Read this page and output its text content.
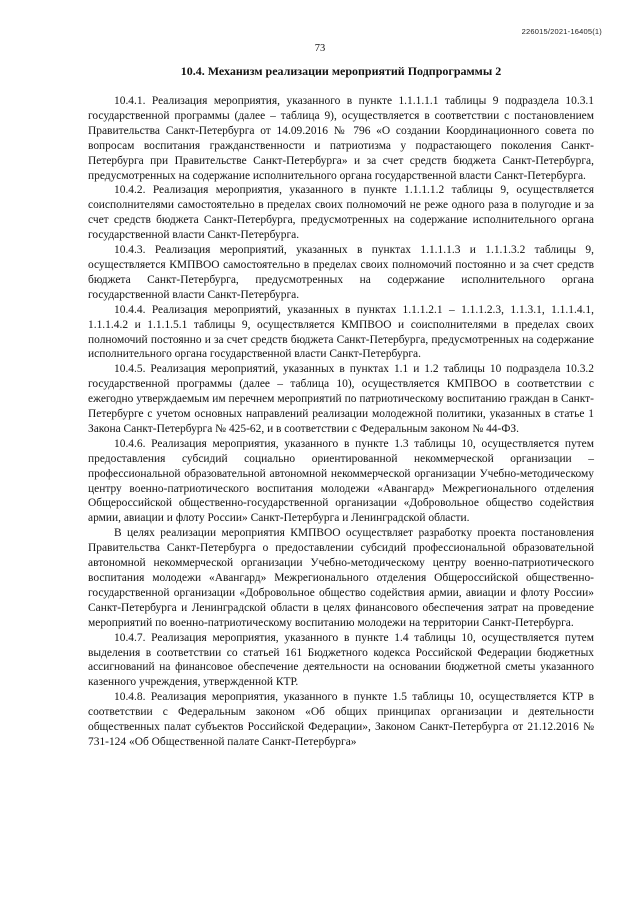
226015/2021-16405(1)
73
10.4. Механизм реализации мероприятий Подпрограммы 2

10.4.1. Реализация мероприятия, указанного в пункте 1.1.1.1.1 таблицы 9 подраздела 10.3.1 государственной программы (далее – таблица 9), осуществляется в соответствии с постановлением Правительства Санкт-Петербурга от 14.09.2016 № 796 «О создании Координационного совета по вопросам воспитания гражданственности и патриотизма у подрастающего поколения Санкт-Петербурга при Правительстве Санкт-Петербурга» и за счет средств бюджета Санкт-Петербурга, предусмотренных на содержание исполнительного органа государственной власти Санкт-Петербурга.

10.4.2. Реализация мероприятия, указанного в пункте 1.1.1.1.2 таблицы 9, осуществляется соисполнителями самостоятельно в пределах своих полномочий не реже одного раза в полугодие и за счет средств бюджета Санкт-Петербурга, предусмотренных на содержание исполнительного органа государственной власти Санкт-Петербурга.

10.4.3. Реализация мероприятий, указанных в пунктах 1.1.1.1.3 и 1.1.1.3.2 таблицы 9, осуществляется КМПВОО самостоятельно в пределах своих полномочий постоянно и за счет средств бюджета Санкт-Петербурга, предусмотренных на содержание исполнительного органа государственной власти Санкт-Петербурга.

10.4.4. Реализация мероприятий, указанных в пунктах 1.1.1.2.1 – 1.1.1.2.3, 1.1.3.1, 1.1.1.4.1, 1.1.1.4.2 и 1.1.1.5.1 таблицы 9, осуществляется КМПВОО и соисполнителями в пределах своих полномочий постоянно и за счет средств бюджета Санкт-Петербурга, предусмотренных на содержание исполнительного органа государственной власти Санкт-Петербурга.

10.4.5. Реализация мероприятий, указанных в пунктах 1.1 и 1.2 таблицы 10 подраздела 10.3.2 государственной программы (далее – таблица 10), осуществляется КМПВОО в соответствии с ежегодно утверждаемым им перечнем мероприятий по патриотическому воспитанию граждан в Санкт-Петербурге с учетом основных направлений реализации молодежной политики, указанных в статье 1 Закона Санкт-Петербурга № 425-62, и в соответствии с Федеральным законом № 44-ФЗ.

10.4.6. Реализация мероприятия, указанного в пункте 1.3 таблицы 10, осуществляется путем предоставления субсидий социально ориентированной некоммерческой организации – профессиональной образовательной автономной некоммерческой организации Учебно-методическому центру военно-патриотического воспитания молодежи «Авангард» Межрегионального отделения Общероссийской общественно-государственной организации «Добровольное общество содействия армии, авиации и флоту России» Санкт-Петербурга и Ленинградской области.

В целях реализации мероприятия КМПВОО осуществляет разработку проекта постановления Правительства Санкт-Петербурга о предоставлении субсидий профессиональной образовательной автономной некоммерческой организации Учебно-методическому центру военно-патриотического воспитания молодежи «Авангард» Межрегионального отделения Общероссийской общественно-государственной организации «Добровольное общество содействия армии, авиации и флоту России» Санкт-Петербурга и Ленинградской области в целях финансового обеспечения затрат на проведение мероприятий по военно-патриотическому воспитанию молодежи на территории Санкт-Петербурга.

10.4.7. Реализация мероприятия, указанного в пункте 1.4 таблицы 10, осуществляется путем выделения в соответствии со статьей 161 Бюджетного кодекса Российской Федерации бюджетных ассигнований на финансовое обеспечение деятельности на основании бюджетной сметы указанного казенного учреждения, утвержденной КТР.

10.4.8. Реализация мероприятия, указанного в пункте 1.5 таблицы 10, осуществляется КТР в соответствии с Федеральным законом «Об общих принципах организации и деятельности общественных палат субъектов Российской Федерации», Законом Санкт-Петербурга от 21.12.2016 № 731-124 «Об Общественной палате Санкт-Петербурга»
